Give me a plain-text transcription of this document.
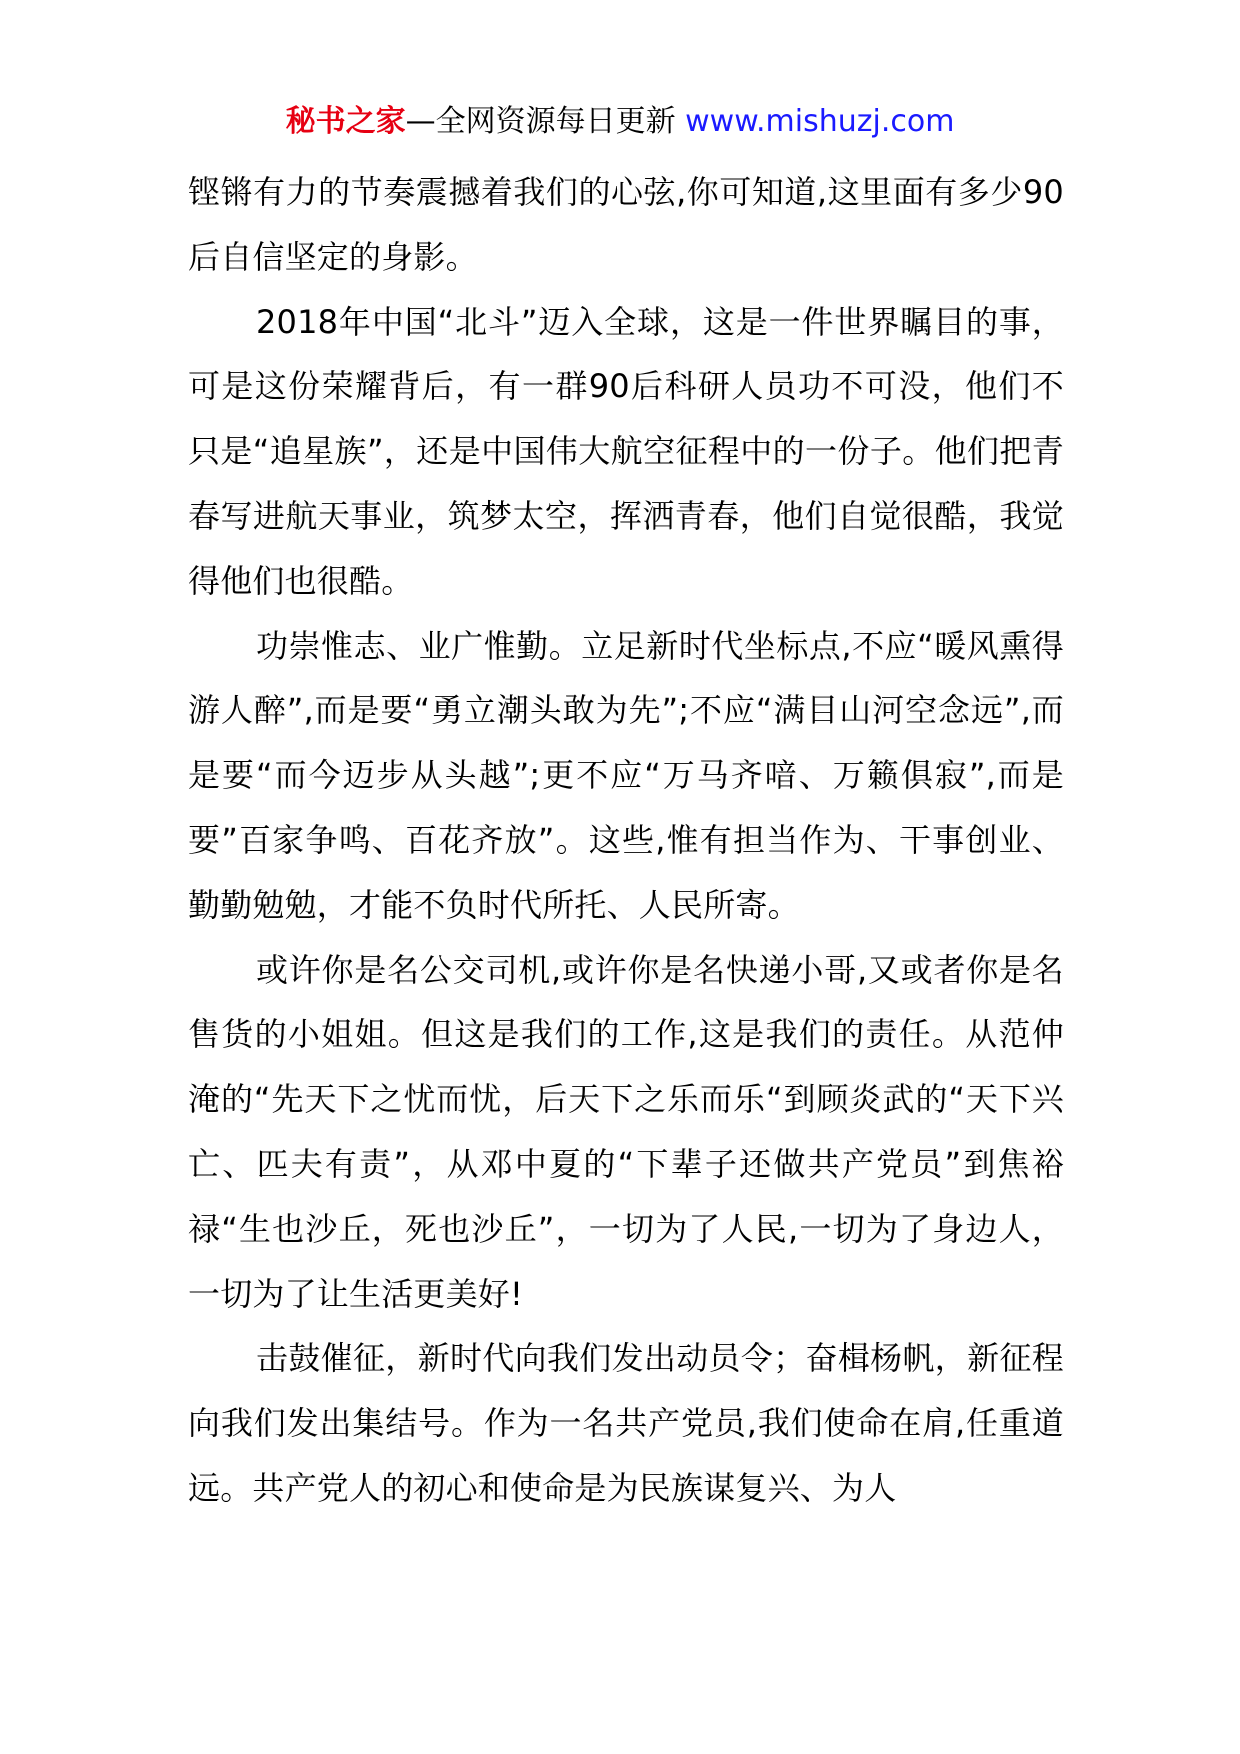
秘书之家—全网资源每日更新 www.mishuzj.com

铿锵有力的节奏震撼着我们的心弦,你可知道,这里面有多少90后自信坚定的身影。

2018年中国“北斗”迈入全球，这是一件世界瞩目的事，可是这份荣耀背后，有一群90后科研人员功不可没，他们不只是“追星族”，还是中国伟大航空征程中的一份子。他们把青春写进航天事业，筑梦太空，挥洒青春，他们自觉很酷，我觉得他们也很酷。

功崇惟志、业广惟勤。立足新时代坐标点,不应“暖风熏得游人醉”,而是要“勇立潮头敢为先”;不应“满目山河空念远”,而是要“而今迈步从头越”;更不应“万马齐喑、万籁俱寂”,而是要”百家争鸣、百花齐放”。这些,惟有担当作为、干事创业、勤勤勉勉，才能不负时代所托、人民所寄。

或许你是名公交司机,或许你是名快递小哥,又或者你是名售货的小姐姐。但这是我们的工作,这是我们的责任。从范仲淹的“先天下之忧而忧，后天下之乐而乐“到顾炎武的“天下兴亡、匹夫有责”，从邓中夏的“下辈子还做共产党员”到焦裕禄“生也沙丘，死也沙丘”，一切为了人民,一切为了身边人，一切为了让生活更美好!

击鼓催征，新时代向我们发出动员令；奋楫杨帆，新征程向我们发出集结号。作为一名共产党员,我们使命在肩,任重道远。共产党人的初心和使命是为民族谋复兴、为人
